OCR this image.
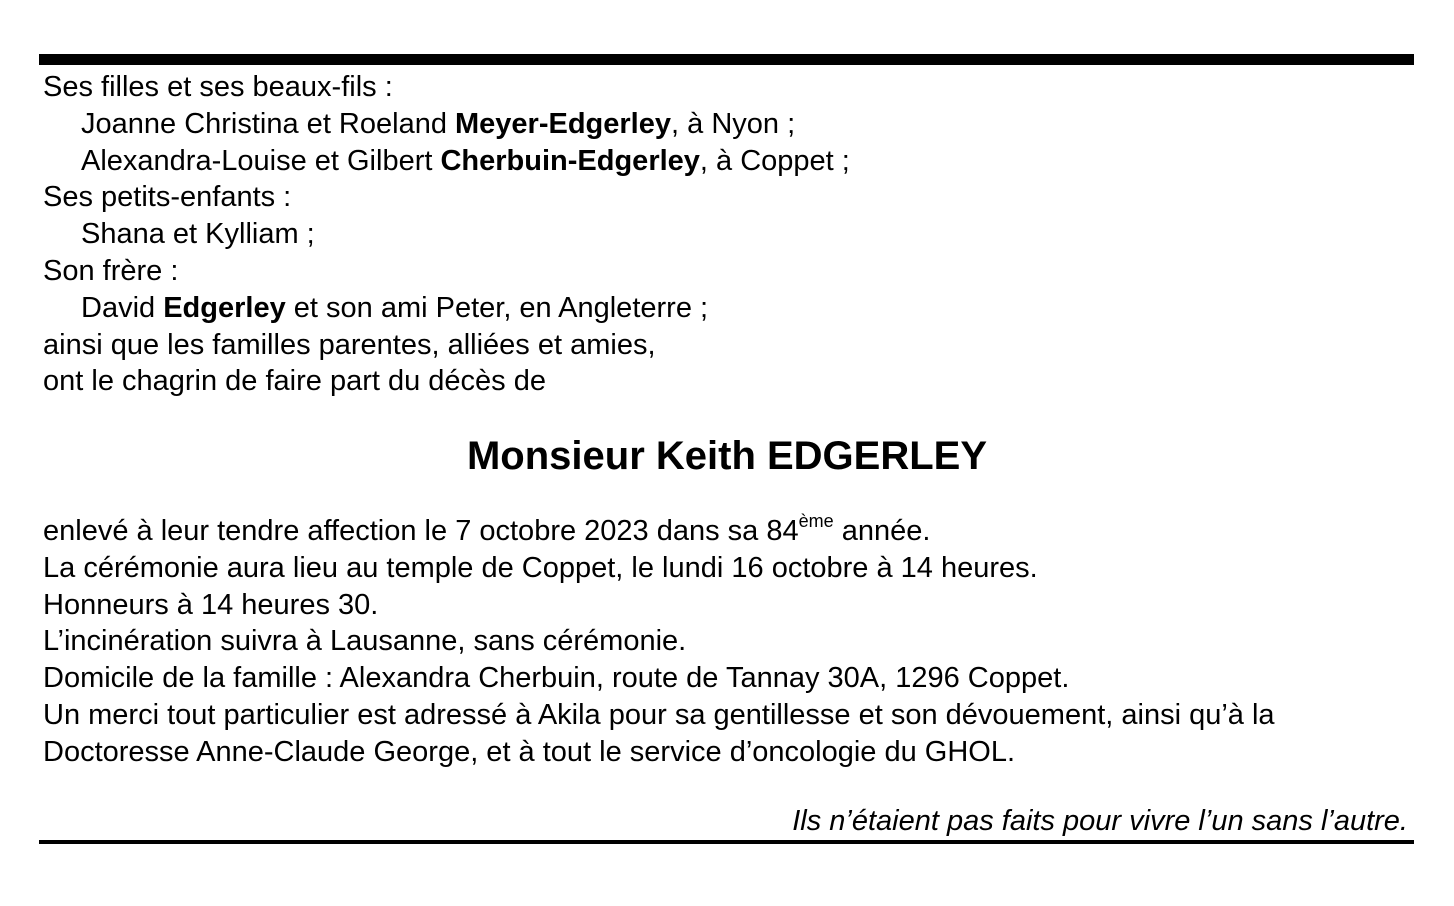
Ses filles et ses beaux-fils :
Joanne Christina et Roeland Meyer-Edgerley, à Nyon ;
Alexandra-Louise et Gilbert Cherbuin-Edgerley, à Coppet ;
Ses petits-enfants :
Shana et Kylliam ;
Son frère :
David Edgerley et son ami Peter, en Angleterre ;
ainsi que les familles parentes, alliées et amies,
ont le chagrin de faire part du décès de
Monsieur Keith EDGERLEY
enlevé à leur tendre affection le 7 octobre 2023 dans sa 84ème année.
La cérémonie aura lieu au temple de Coppet, le lundi 16 octobre à 14 heures.
Honneurs à 14 heures 30.
L’incinération suivra à Lausanne, sans cérémonie.
Domicile de la famille : Alexandra Cherbuin, route de Tannay 30A, 1296 Coppet.
Un merci tout particulier est adressé à Akila pour sa gentillesse et son dévouement, ainsi qu’à la
Doctoresse Anne-Claude George, et à tout le service d’oncologie du GHOL.
Ils n’étaient pas faits pour vivre l’un sans l’autre.
